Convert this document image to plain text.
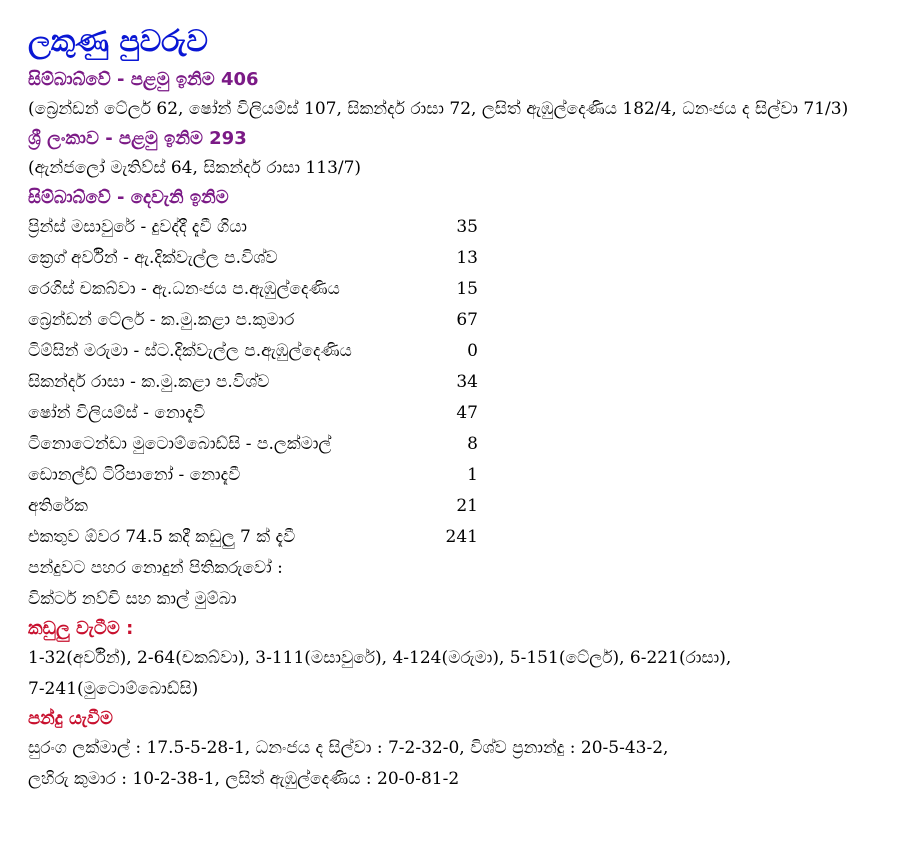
ලකුණු පුවරුව
සිම්බාබ්වේ - පළමු ඉනිම 406

(බ්‍රෙන්ඩන් ටේලර් 62, ෂෝන් විලියම්ස් 107, සිකන්දර් රාසා 72, ලසිත් ඇඹුල්දෙණිය 182/4, ධනංජය ද සිල්වා 71/3)

ශ්‍රී ලංකාව - පළමු ඉනිම 293

(ඇන්ජලෝ මැතිව්ස් 64, සිකන්දර් රාසා 113/7)

සිම්බාබ්වේ - දෙවැනි ඉනිම
ප්‍රින්ස් මසාවුරේ - දුවද්දී දැවී ගියා	35
ක්‍රෙග් අර්වින් - ඇ.දික්වැල්ල ප.විශ්ව	13
රෙගිස් චකබ්වා - ඇ.ධනංජය ප.ඇඹුල්දෙණිය	15
බ්‍රෙන්ඩන් ටේලර් - ක.මු.කළා ප.කුමාර	67
ටිම්සින් මරුමා - ස්ට.දික්වැල්ල ප.ඇඹුල්දෙණිය	0
සිකන්දර් රාසා - ක.මු.කළා ප.විශ්ව	34
ෂෝන් විලියම්ස් - නොදැවී	47
ටිනොටෙන්ඩා මුටොම්බොඩ්සි - ප.ලක්මාල්	8
ඩොනල්ඩ් ටිරිපානෝ - නොදැවී	1
අතිරේක	21
එකතුව ඕවර 74.5 කදී කඩුලු 7 ක් දැවී	241

පන්දුවට පහර නොදුන් පිතිකරුවෝ :

වික්ටර් නව්චි සහ කාල් මුම්බා

කඩුලු වැටීම :

1-32(අර්වින්), 2-64(චකබ්වා), 3-111(මසාවුරේ), 4-124(මරුමා), 5-151(ටේලර්), 6-221(රාසා),

7-241(මුටොම්බොඩ්සි)

පන්දු යැවීම

සුරංග ලක්මාල් : 17.5-5-28-1, ධනංජය ද සිල්වා : 7-2-32-0, විශ්ව ප්‍රනාන්දු : 20-5-43-2,

ලහිරු කුමාර : 10-2-38-1, ලසිත් ඇඹුල්දෙණිය : 20-0-81-2
